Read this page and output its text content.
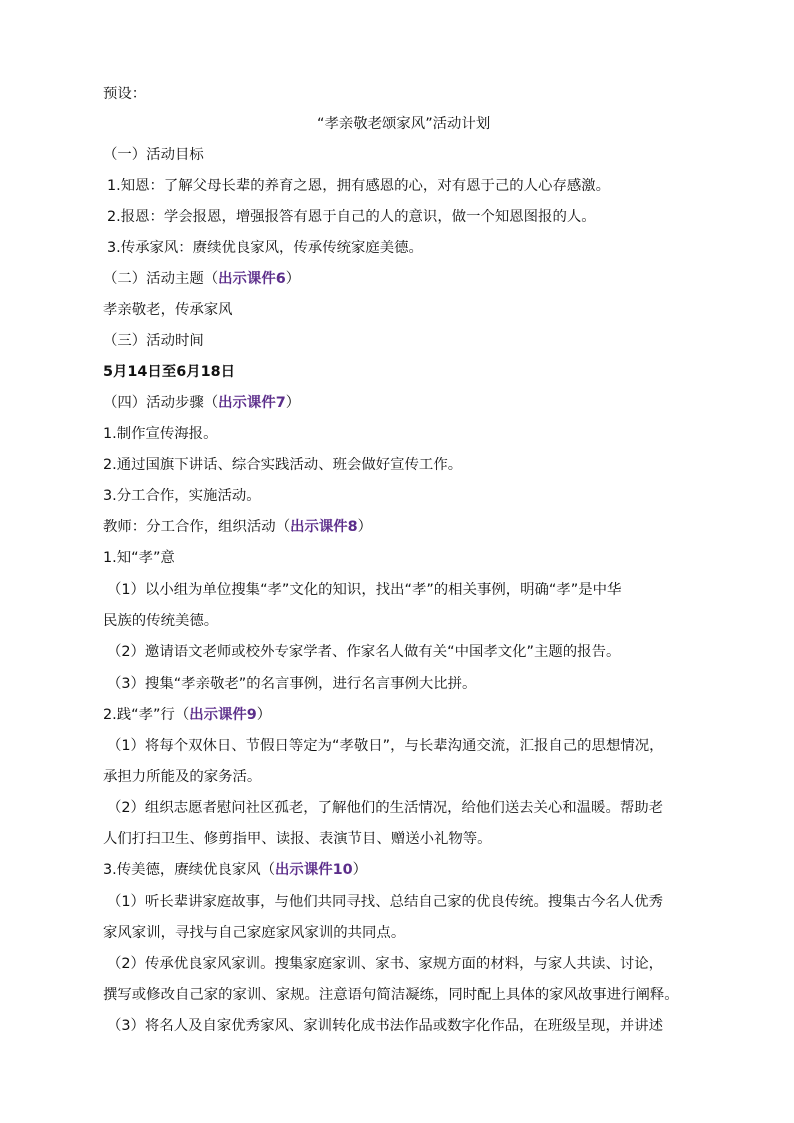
预设：
“孝亲敬老颂家风”活动计划
（一）活动目标
1.知恩：了解父母长辈的养育之恩，拥有感恩的心，对有恩于己的人心存感激。
2.报恩：学会报恩，增强报答有恩于自己的人的意识，做一个知恩图报的人。
3.传承家风：赓续优良家风，传承传统家庭美德。
（二）活动主题（出示课件6）
孝亲敬老，传承家风
（三）活动时间
5月14日至6月18日
（四）活动步骤（出示课件7）
1.制作宣传海报。
2.通过国旗下讲话、综合实践活动、班会做好宣传工作。
3.分工合作，实施活动。
教师：分工合作，组织活动（出示课件8）
1.知“孝”意
（1）以小组为单位搜集“孝”文化的知识，找出“孝”的相关事例，明确“孝”是中华
民族的传统美德。
（2）邀请语文老师或校外专家学者、作家名人做有关“中国孝文化”主题的报告。
（3）搜集“孝亲敬老”的名言事例，进行名言事例大比拼。
2.践“孝”行（出示课件9）
（1）将每个双休日、节假日等定为“孝敬日”，与长辈沟通交流，汇报自己的思想情况，
承担力所能及的家务活。
（2）组织志愿者慰问社区孤老，了解他们的生活情况，给他们送去关心和温暖。帮助老
人们打扫卫生、修剪指甲、读报、表演节目、赠送小礼物等。
3.传美德，赓续优良家风（出示课件10）
（1）听长辈讲家庭故事，与他们共同寻找、总结自己家的优良传统。搜集古今名人优秀
家风家训，寻找与自己家庭家风家训的共同点。
（2）传承优良家风家训。搜集家庭家训、家书、家规方面的材料，与家人共读、讨论，
撰写或修改自己家的家训、家规。注意语句简洁凝练，同时配上具体的家风故事进行阐释。
（3）将名人及自家优秀家风、家训转化成书法作品或数字化作品，在班级呈现，并讲述
